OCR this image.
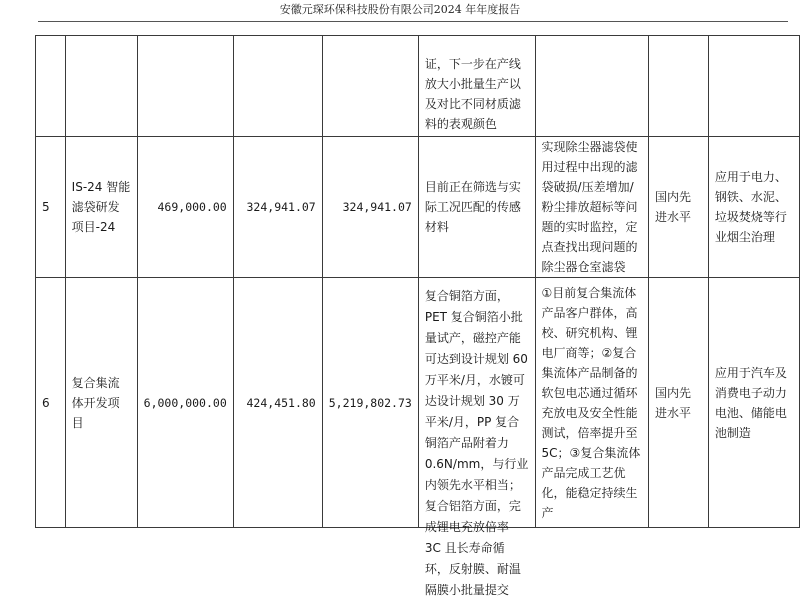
安徽元琛环保科技股份有限公司2024 年年度报告
					证，下一步在产线放大小批量生产以及对比不同材质滤料的表观颜色			
5	IS-24 智能滤袋研发项目-24	469,000.00	324,941.07	324,941.07	目前正在筛选与实际工况匹配的传感材料	实现除尘器滤袋使用过程中出现的滤袋破损/压差增加/粉尘排放超标等问题的实时监控，定点查找出现问题的除尘器仓室滤袋	国内先进水平	应用于电力、钢铁、水泥、垃圾焚烧等行业烟尘治理
6	复合集流体开发项目	6,000,000.00	424,451.80	5,219,802.73	复合铜箔方面，PET 复合铜箔小批量试产，磁控产能可达到设计规划 60 万平米/月，水镀可达设计规划 30 万平米/月，PP 复合铜箔产品附着力 0.6N/mm，与行业内领先水平相当；复合铝箔方面，完成锂电充放倍率 3C 且长寿命循环，反射膜、耐温隔膜小批量提交	①目前复合集流体产品客户群体，高校、研究机构、锂电厂商等；②复合集流体产品制备的软包电芯通过循环充放电及安全性能测试，倍率提升至 5C；③复合集流体产品完成工艺优化，能稳定持续生产	国内先进水平	应用于汽车及消费电子动力电池、储能电池制造
